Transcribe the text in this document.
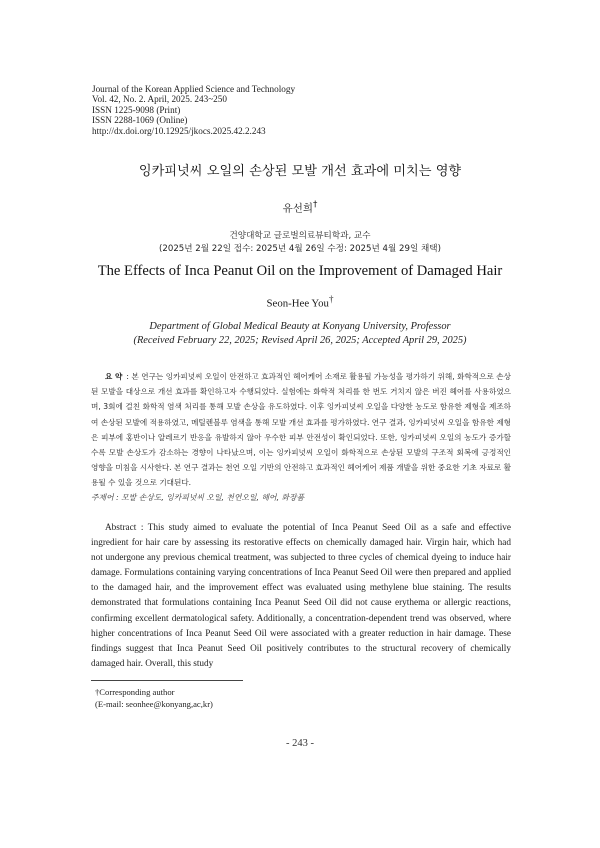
Journal of the Korean Applied Science and Technology
Vol. 42, No. 2. April, 2025. 243~250
ISSN 1225-9098 (Print)
ISSN 2288-1069 (Online)
http://dx.doi.org/10.12925/jkocs.2025.42.2.243
잉카피넛씨 오일의 손상된 모발 개선 효과에 미치는 영향
유선희†
건양대학교 글로벌의료뷰티학과, 교수
(2025년 2월 22일 접수: 2025년 4월 26일 수정: 2025년 4월 29일 채택)
The Effects of Inca Peanut Oil on the Improvement of Damaged Hair
Seon-Hee You†
Department of Global Medical Beauty at Konyang University, Professor
(Received February 22, 2025; Revised April 26, 2025; Accepted April 29, 2025)
요 약 : 본 연구는 잉카피넛씨 오일이 안전하고 효과적인 헤어케어 소재로 활용될 가능성을 평가하기 위해, 화학적으로 손상된 모발을 대상으로 개선 효과를 확인하고자 수행되었다. 실험에는 화학적 처리를 한 번도 거치지 않은 버진 헤어를 사용하였으며, 3회에 걸친 화학적 염색 처리를 통해 모발 손상을 유도하였다. 이후 잉카피넛씨 오일을 다양한 농도로 함유한 제형을 제조하여 손상된 모발에 적용하였고, 메틸렌블루 염색을 통해 모발 개선 효과를 평가하였다. 연구 결과, 잉카피넛씨 오일을 함유한 제형은 피부에 홍반이나 알레르기 반응을 유발하지 않아 우수한 피부 안전성이 확인되었다. 또한, 잉카피넛씨 오일의 농도가 증가할수록 모발 손상도가 감소하는 경향이 나타났으며, 이는 잉카피넛씨 오일이 화학적으로 손상된 모발의 구조적 회복에 긍정적인 영향을 미침을 시사한다. 본 연구 결과는 천연 오일 기반의 안전하고 효과적인 헤어케어 제품 개발을 위한 중요한 기초 자료로 활용될 수 있을 것으로 기대된다.
주제어 : 모발 손상도, 잉카피넛씨 오일, 천연오일, 헤어, 화장품
Abstract : This study aimed to evaluate the potential of Inca Peanut Seed Oil as a safe and effective ingredient for hair care by assessing its restorative effects on chemically damaged hair. Virgin hair, which had not undergone any previous chemical treatment, was subjected to three cycles of chemical dyeing to induce hair damage. Formulations containing varying concentrations of Inca Peanut Seed Oil were then prepared and applied to the damaged hair, and the improvement effect was evaluated using methylene blue staining. The results demonstrated that formulations containing Inca Peanut Seed Oil did not cause erythema or allergic reactions, confirming excellent dermatological safety. Additionally, a concentration-dependent trend was observed, where higher concentrations of Inca Peanut Seed Oil were associated with a greater reduction in hair damage. These findings suggest that Inca Peanut Seed Oil positively contributes to the structural recovery of chemically damaged hair. Overall, this study
†Corresponding author
(E-mail: seonhee@konyang,ac,kr)
- 243 -
